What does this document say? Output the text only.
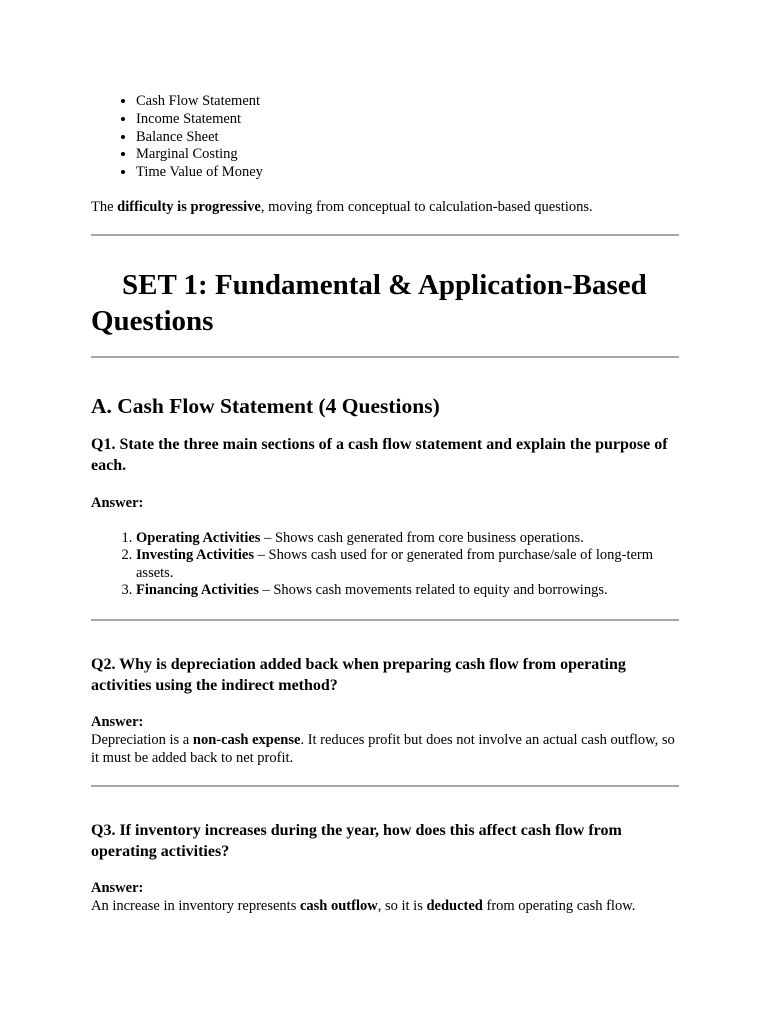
• Cash Flow Statement
• Income Statement
• Balance Sheet
• Marginal Costing
• Time Value of Money

The difficulty is progressive, moving from conceptual to calculation-based questions.

SET 1: Fundamental & Application-Based Questions
A. Cash Flow Statement (4 Questions)
Q1. State the three main sections of a cash flow statement and explain the purpose of each.
Answer:
1. Operating Activities – Shows cash generated from core business operations.
2. Investing Activities – Shows cash used for or generated from purchase/sale of long-term assets.
3. Financing Activities – Shows cash movements related to equity and borrowings.
Q2. Why is depreciation added back when preparing cash flow from operating activities using the indirect method?
Answer:

Depreciation is a non-cash expense. It reduces profit but does not involve an actual cash outflow, so it must be added back to net profit.

Q3. If inventory increases during the year, how does this affect cash flow from operating activities?
Answer:

An increase in inventory represents cash outflow, so it is deducted from operating cash flow.
